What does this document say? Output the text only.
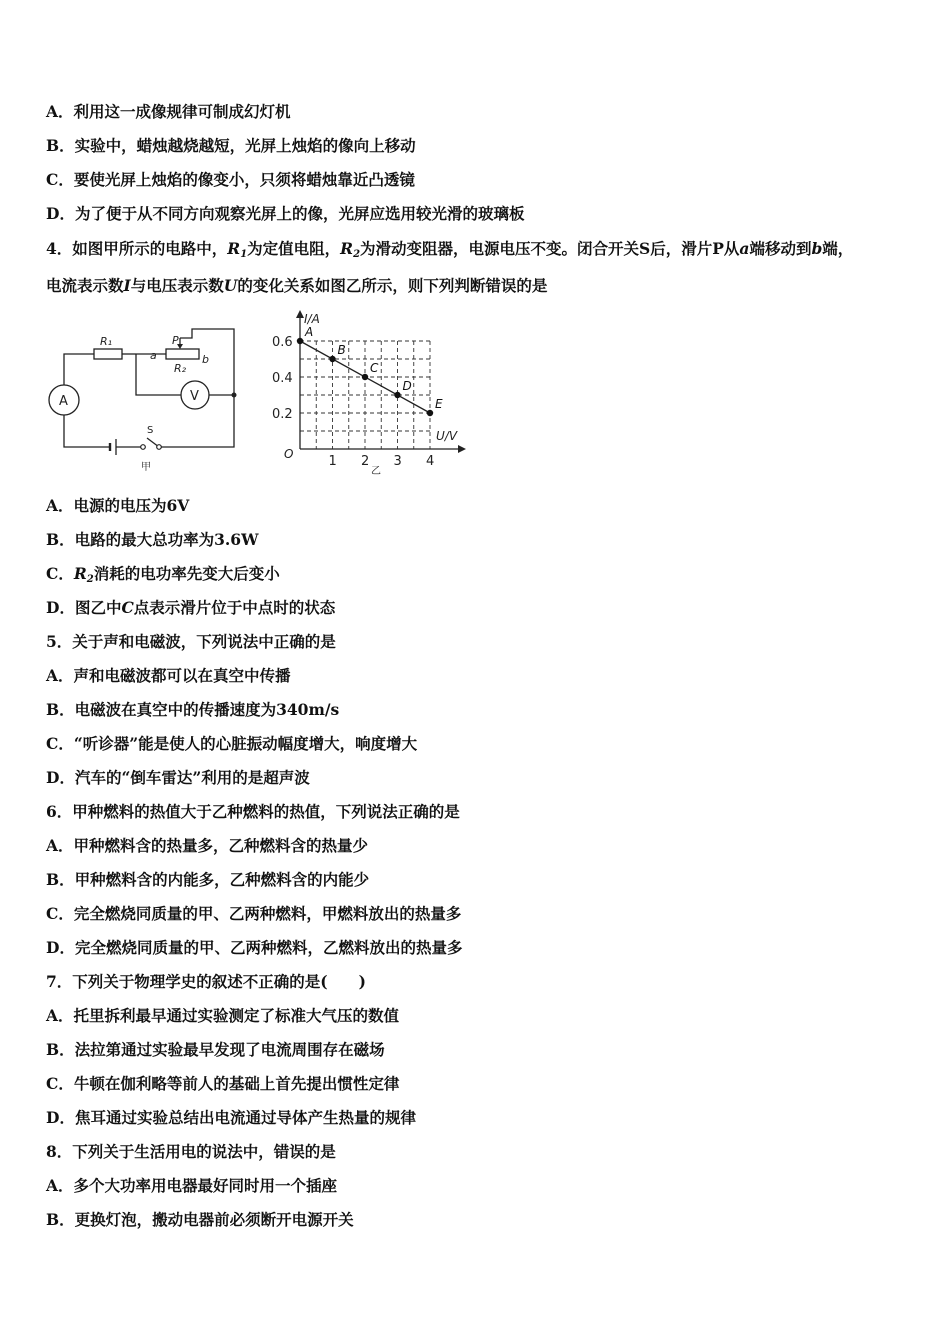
A．利用这一成像规律可制成幻灯机
B．实验中，蜡烛越烧越短，光屏上烛焰的像向上移动
C．要使光屏上烛焰的像变小，只须将蜡烛靠近凸透镜
D．为了便于从不同方向观察光屏上的像，光屏应选用较光滑的玻璃板
4．如图甲所示的电路中，$R_1$为定值电阻，$R_2$为滑动变阻器，电源电压不变。闭合开关S后，滑片P从a端移动到b端，
电流表示数I与电压表示数U的变化关系如图乙所示，则下列判断错误的是
R₁	P
a	b
R₂
A	V
S
甲
A
B
C
D
E
I/A
U/V
O
乙
1 2 3 4
0.6
0.4
0.2
A．电源的电压为6V
B．电路的最大总功率为3.6W
C．$R_2$消耗的电功率先变大后变小
D．图乙中C点表示滑片位于中点时的状态
5．关于声和电磁波，下列说法中正确的是
A．声和电磁波都可以在真空中传播
B．电磁波在真空中的传播速度为340m/s
C．“听诊器”能是使人的心脏振动幅度增大，响度增大
D．汽车的“倒车雷达”利用的是超声波
6．甲种燃料的热值大于乙种燃料的热值，下列说法正确的是
A．甲种燃料含的热量多，乙种燃料含的热量少
B．甲种燃料含的内能多，乙种燃料含的内能少
C．完全燃烧同质量的甲、乙两种燃料，甲燃料放出的热量多
D．完全燃烧同质量的甲、乙两种燃料，乙燃料放出的热量多
7．下列关于物理学史的叙述不正确的是(　　)
A．托里拆利最早通过实验测定了标准大气压的数值
B．法拉第通过实验最早发现了电流周围存在磁场
C．牛顿在伽利略等前人的基础上首先提出惯性定律
D．焦耳通过实验总结出电流通过导体产生热量的规律
8．下列关于生活用电的说法中，错误的是
A．多个大功率用电器最好同时用一个插座
B．更换灯泡，搬动电器前必须断开电源开关
